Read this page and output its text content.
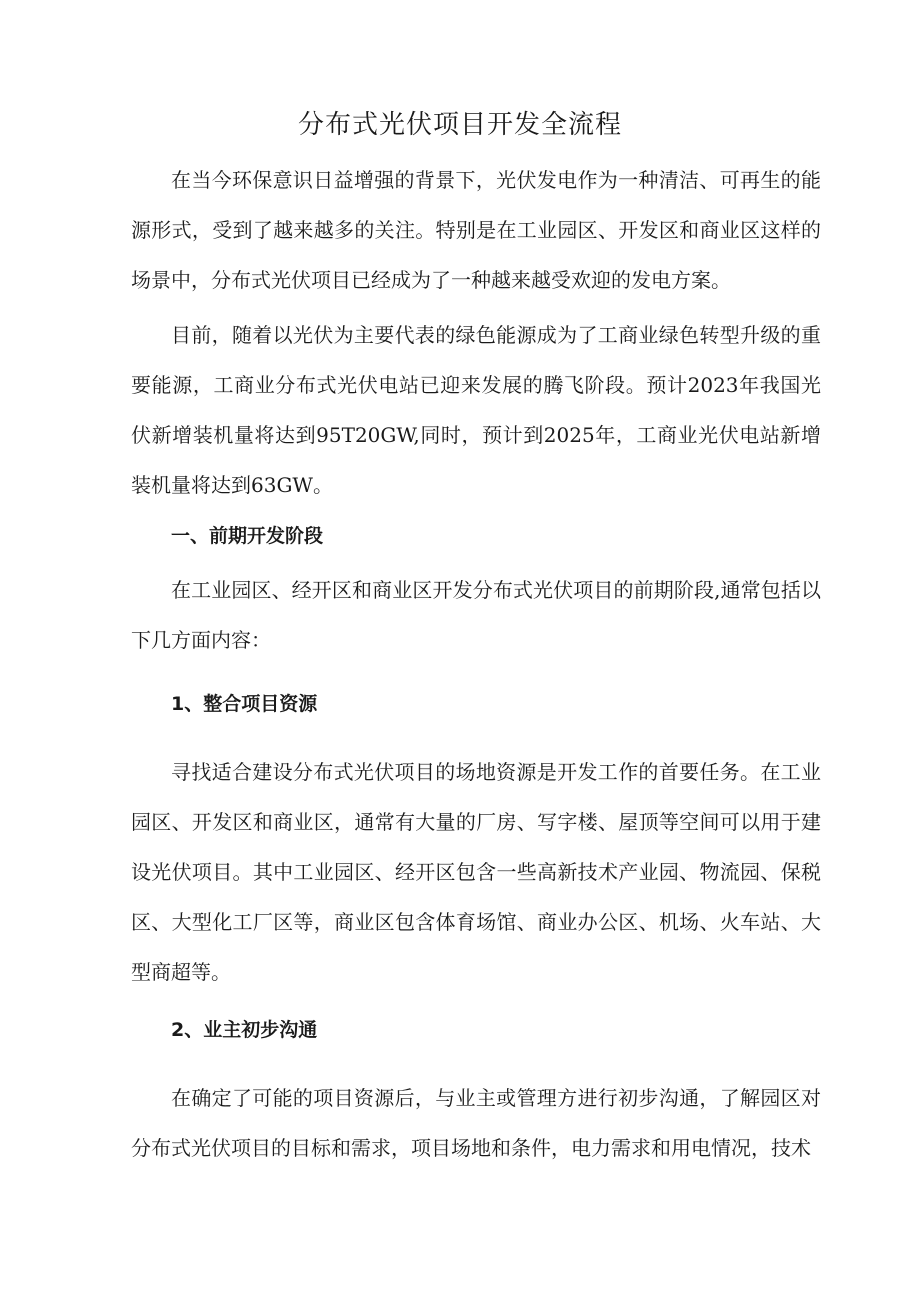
分布式光伏项目开发全流程

在当今环保意识日益增强的背景下，光伏发电作为一种清洁、可再生的能源形式，受到了越来越多的关注。特别是在工业园区、开发区和商业区这样的场景中，分布式光伏项目已经成为了一种越来越受欢迎的发电方案。

目前，随着以光伏为主要代表的绿色能源成为了工商业绿色转型升级的重要能源，工商业分布式光伏电站已迎来发展的腾飞阶段。预计2023年我国光伏新增装机量将达到95T20GW,同时，预计到2025年，工商业光伏电站新增装机量将达到63GW。

一、前期开发阶段

在工业园区、经开区和商业区开发分布式光伏项目的前期阶段,通常包括以下几方面内容：

1、整合项目资源

寻找适合建设分布式光伏项目的场地资源是开发工作的首要任务。在工业园区、开发区和商业区，通常有大量的厂房、写字楼、屋顶等空间可以用于建设光伏项目。其中工业园区、经开区包含一些高新技术产业园、物流园、保税区、大型化工厂区等，商业区包含体育场馆、商业办公区、机场、火车站、大型商超等。

2、业主初步沟通

在确定了可能的项目资源后，与业主或管理方进行初步沟通，了解园区对分布式光伏项目的目标和需求，项目场地和条件，电力需求和用电情况，技术
